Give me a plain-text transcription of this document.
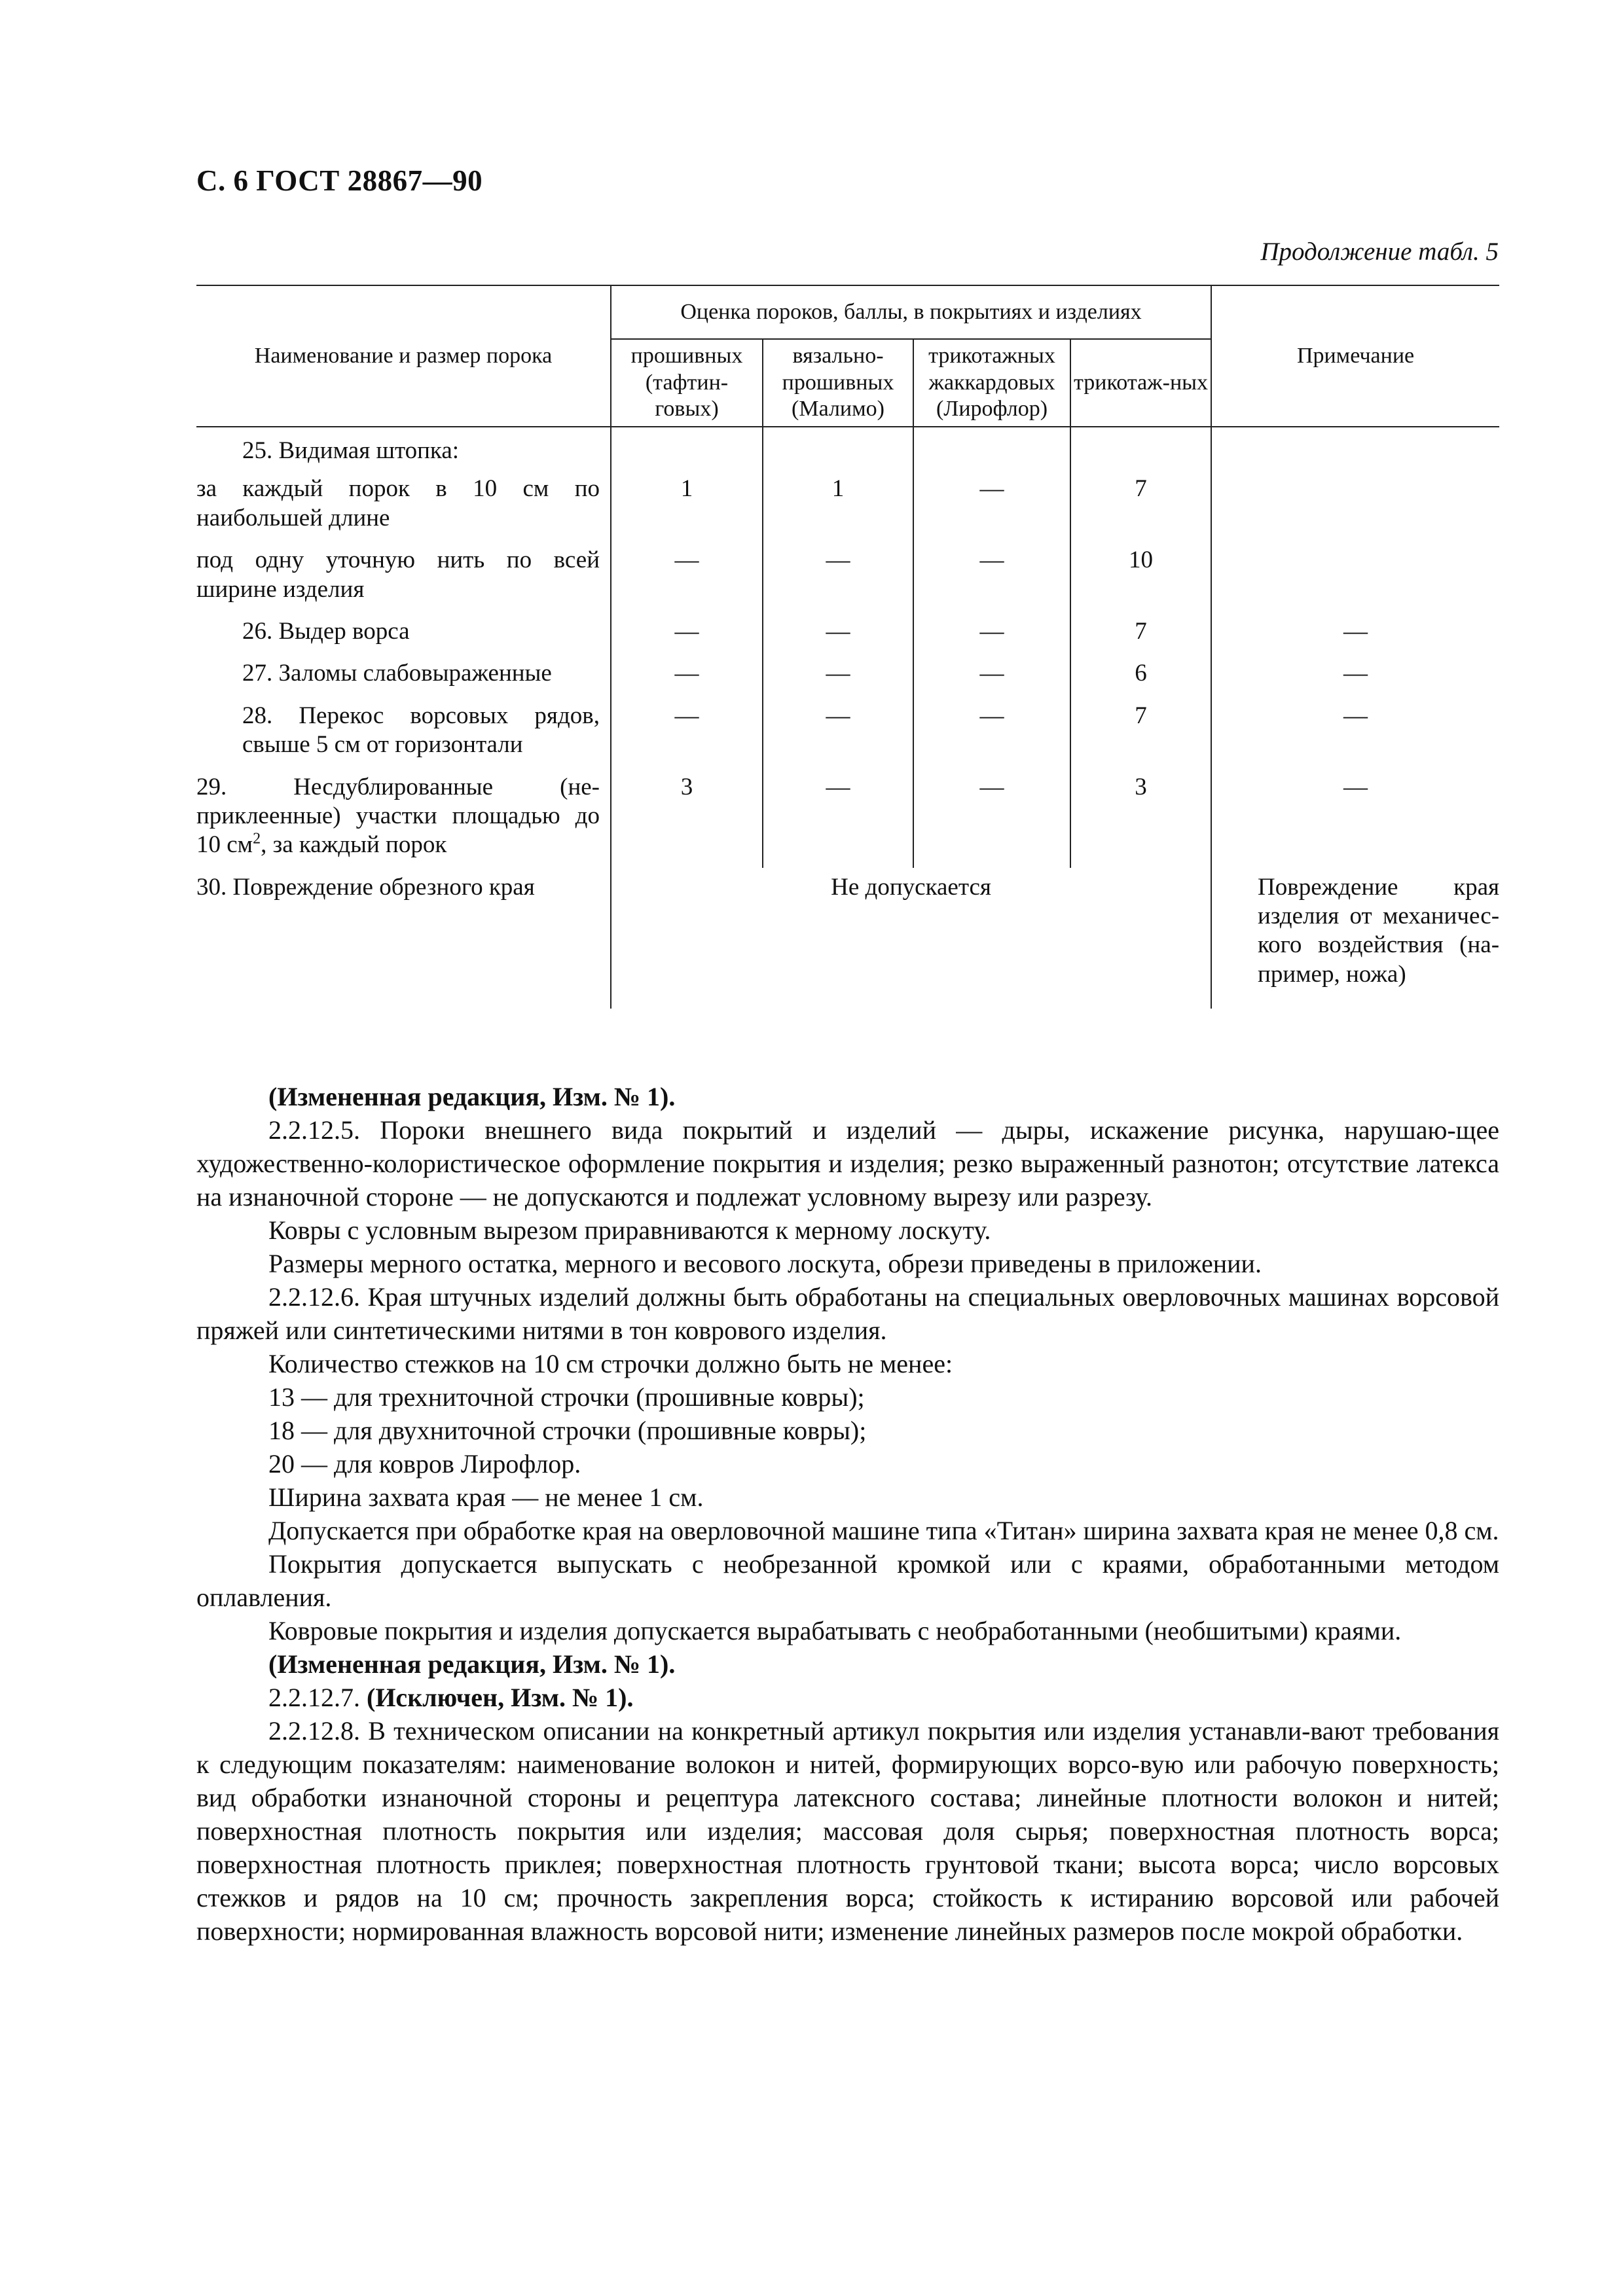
С. 6 ГОСТ 28867—90
Продолжение табл. 5
Наименование и размер порока	Оценка пороков, баллы, в покрытиях и изделиях				Примечание
	прошивных (тафтин-говых)	вязально-прошивных (Малимо)	трикотажных жаккардовых (Лирофлор)	трикотаж-ных	
25. Видимая штопка:					
за каждый порок в 10 см по наибольшей длине	1	1	—	7	
под одну уточную нить по всей ширине изделия	—	—	—	10	
26. Выдер ворса	—	—	—	7	—
27. Заломы слабовыраженные	—	—	—	6	—
28. Перекос ворсовых рядов, свыше 5 см от горизонтали	—	—	—	7	—
29. Несдублированные (не-приклеенные) участки площадью до 10 $см^2$, за каждый порок	3	—	—	3	—
30. Повреждение обрезного края	Не допускается				Повреждение края изделия от механичес-кого воздействия (на-пример, ножа)

(Измененная редакция, Изм. № 1).

2.2.12.5. Пороки внешнего вида покрытий и изделий — дыры, искажение рисунка, нарушаю-щее художественно-колористическое оформление покрытия и изделия; резко выраженный разнотон; отсутствие латекса на изнаночной стороне — не допускаются и подлежат условному вырезу или разрезу.

Ковры с условным вырезом приравниваются к мерному лоскуту.

Размеры мерного остатка, мерного и весового лоскута, обрези приведены в приложении.

2.2.12.6. Края штучных изделий должны быть обработаны на специальных оверловочных машинах ворсовой пряжей или синтетическими нитями в тон коврового изделия.

Количество стежков на 10 см строчки должно быть не менее:

13 — для трехниточной строчки (прошивные ковры);

18 — для двухниточной строчки (прошивные ковры);

20 — для ковров Лирофлор.

Ширина захвата края — не менее 1 см.

Допускается при обработке края на оверловочной машине типа «Титан» ширина захвата края не менее 0,8 см.

Покрытия допускается выпускать с необрезанной кромкой или с краями, обработанными методом оплавления.

Ковровые покрытия и изделия допускается вырабатывать с необработанными (необшитыми) краями.

(Измененная редакция, Изм. № 1).

2.2.12.7. (Исключен, Изм. № 1).

2.2.12.8. В техническом описании на конкретный артикул покрытия или изделия устанавли-вают требования к следующим показателям: наименование волокон и нитей, формирующих ворсо-вую или рабочую поверхность; вид обработки изнаночной стороны и рецептура латексного состава; линейные плотности волокон и нитей; поверхностная плотность покрытия или изделия; массовая доля сырья; поверхностная плотность ворса; поверхностная плотность приклея; поверхностная плотность грунтовой ткани; высота ворса; число ворсовых стежков и рядов на 10 см; прочность закрепления ворса; стойкость к истиранию ворсовой или рабочей поверхности; нормированная влажность ворсовой нити; изменение линейных размеров после мокрой обработки.
